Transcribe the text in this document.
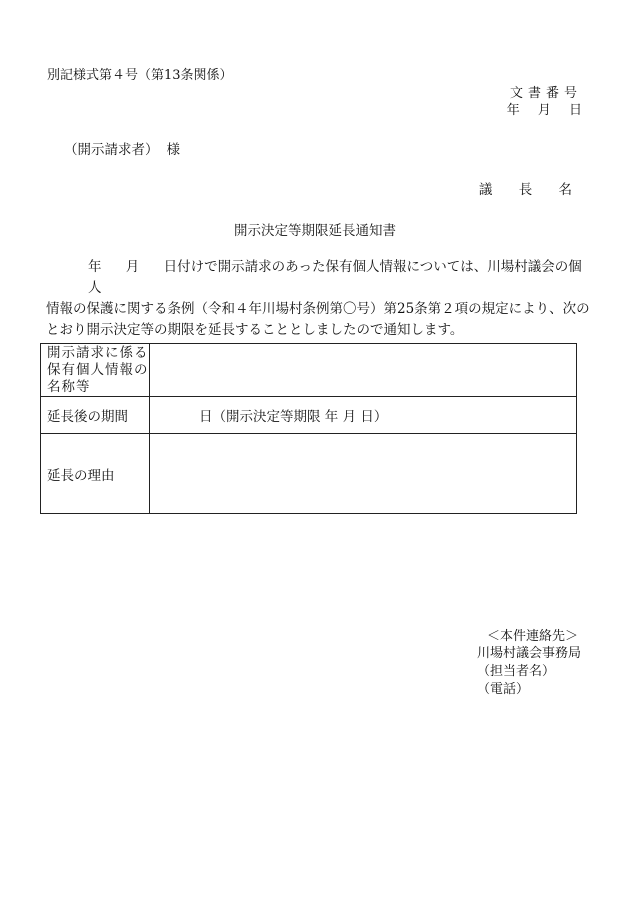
別記様式第４号（第13条関係）
文書番号
年 月 日
（開示請求者） 様
議 長 名
開示決定等期限延長通知書
年 月 日付けで開示請求のあった保有個人情報については、川場村議会の個人
情報の保護に関する条例（令和４年川場村条例第〇号）第25条第２項の規定により、次の
とおり開示決定等の期限を延長することとしましたので通知します。
開示請求に係る保有個人情報の名称等	

延長後の期間	日（開示決定等期限 年 月 日）
延長の理由	
＜本件連絡先＞
川場村議会事務局
（担当者名）
（電話）
